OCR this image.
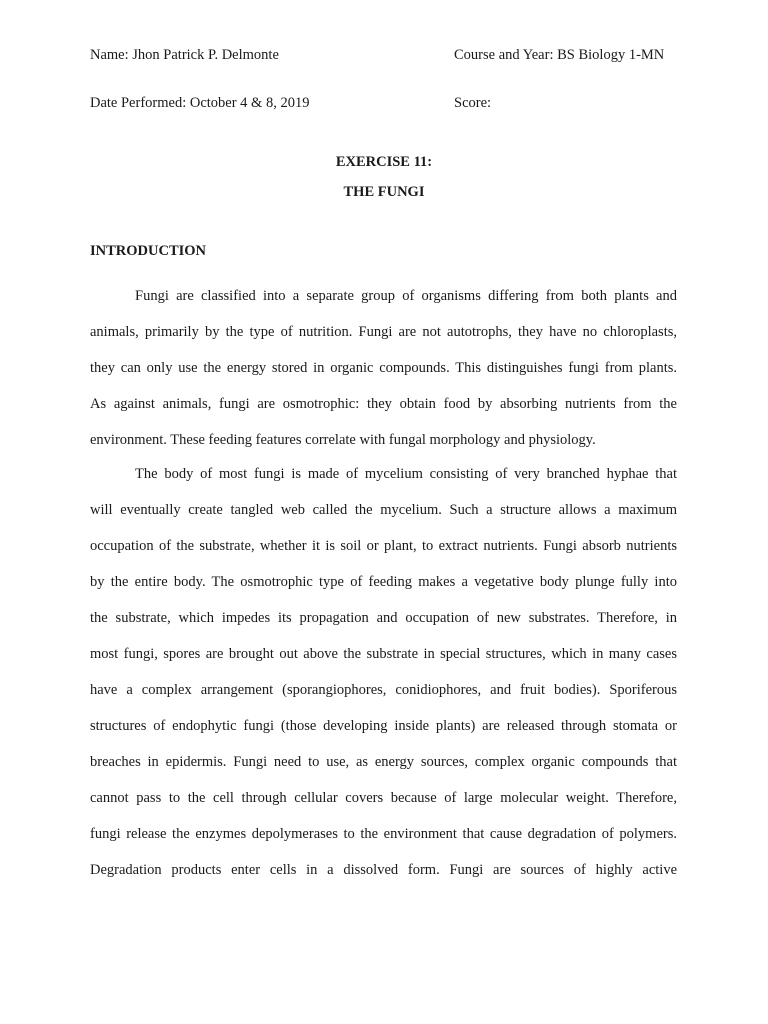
Name: Jhon Patrick P. Delmonte	Course and Year: BS Biology 1-MN
Date Performed: October 4 & 8, 2019	Score:
EXERCISE 11:
THE FUNGI
INTRODUCTION
Fungi are classified into a separate group of organisms differing from both plants and
animals, primarily by the type of nutrition. Fungi are not autotrophs, they have no chloroplasts,
they can only use the energy stored in organic compounds. This distinguishes fungi from plants.
As against animals, fungi are osmotrophic: they obtain food by absorbing nutrients from the
environment. These feeding features correlate with fungal morphology and physiology.
The body of most fungi is made of mycelium consisting of very branched hyphae that
will eventually create tangled web called the mycelium. Such a structure allows a maximum
occupation of the substrate, whether it is soil or plant, to extract nutrients. Fungi absorb nutrients
by the entire body. The osmotrophic type of feeding makes a vegetative body plunge fully into
the substrate, which impedes its propagation and occupation of new substrates. Therefore, in
most fungi, spores are brought out above the substrate in special structures, which in many cases
have a complex arrangement (sporangiophores, conidiophores, and fruit bodies). Sporiferous
structures of endophytic fungi (those developing inside plants) are released through stomata or
breaches in epidermis. Fungi need to use, as energy sources, complex organic compounds that
cannot pass to the cell through cellular covers because of large molecular weight. Therefore,
fungi release the enzymes depolymerases to the environment that cause degradation of polymers.
Degradation products enter cells in a dissolved form. Fungi are sources of highly active
